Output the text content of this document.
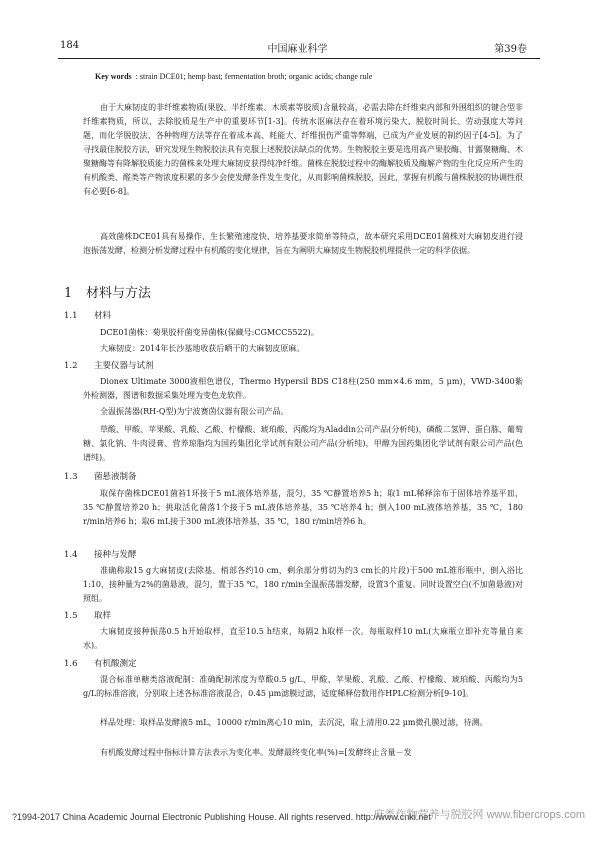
184	中国麻业科学	第39卷
Key words : strain DCE01; hemp bast; fermentation broth; organic acids; change rule
由于大麻韧皮的非纤维素物质(果胶、半纤维素、木质素等胶质)含量较高，必需去除在纤维束内部和外围组织的键合型非纤维素物质，所以，去除胶质是生产中的重要环节[1-3]。传统水沤麻法存在着环境污染大、脱胶时间长、劳动强度大等问题，而化学脱胶法、各种物理方法等存在着成本高、耗能大、纤维损伤严重等弊端，已成为产业发展的制约因子[4-5]。为了寻找最佳脱胶方法，研究发现生物脱胶法具有克服上述脱胶法缺点的优势。生物脱胶主要是选用高产果胶酶、甘露聚糖酶、木聚糖酶等有降解胶质能力的菌株来处理大麻韧皮获得纯净纤维。菌株在脱胶过程中的酶解胶质及酶解产物的生化反应所产生的有机酸类、醛类等产物浓度积累的多少会使发酵条件发生变化，从而影响菌株脱胶，因此，掌握有机酸与菌株脱胶的协调性很有必要[6-8]。
高效菌株DCE01具有易操作、生长繁殖速度快、培养基要求简单等特点，故本研究采用DCE01菌株对大麻韧皮进行浸泡振荡发酵，检测分析发酵过程中有机酸的变化规律，旨在为阐明大麻韧皮生物脱胶机理提供一定的科学依据。
1 材料与方法
1.1 材料
DCE01菌株：菊果胶杆菌变异菌株(保藏号:CGMCC5522)。
大麻韧皮：2014年长沙基地收获后晒干的大麻韧皮原麻。
1.2 主要仪器与试剂
Dionex Ultimate 3000液相色谱仪，Thermo Hypersil BDS C18柱(250 mm×4.6 mm，5 μm)，VWD-3400紫外检测器，图谱和数据采集处理为变色龙软件。
全温振荡器(RH-Q型)为宁波赛茵仪器有限公司产品。
草酸、甲酸、苹果酸、乳酸、乙酸、柠檬酸、琥珀酸、丙酸均为Aladdin公司产品(分析纯)，磷酸二氢钾、蛋白胨、葡萄糖、氯化钠、牛肉浸膏、营养琼脂均为国药集团化学试剂有限公司产品(分析纯)，甲醇为国药集团化学试剂有限公司产品(色谱纯)。
1.3 菌悬液制备
取保存菌株DCE01菌苔1环接于5 mL液体培养基，混匀，35 ℃静置培养5 h；取1 mL稀释涂布于固体培养基平皿，35 ℃静置培养20 h；挑取活化菌落1个接于5 mL液体培养基，35 ℃培养4 h；倒入100 mL液体培养基，35 ℃，180 r/min培养6 h；取6 mL接于300 mL液体培养基，35 ℃，180 r/min培养6 h。
1.4 接种与发酵
准确称取15 g大麻韧皮(去除基、梢部各约10 cm，剩余部分剪切为约3 cm长的片段)于500 mL锥形瓶中，倒入浴比1:10，接种量为2%的菌悬液，混匀，置于35 ℃，180 r/min全温振荡器发酵，设置3个重复。同时设置空白(不加菌悬液)对照组。
1.5 取样
大麻韧皮接种振荡0.5 h开始取样，直至10.5 h结束，每隔2 h取样一次。每瓶取样10 mL(大麻瓶立即补充等量自来水)。
1.6 有机酸测定
混合标准单糖类溶液配制：准确配制浓度为草酸0.5 g/L、甲酸、苹果酸、乳酸、乙酸、柠檬酸、琥珀酸、丙酸均为5 g/L的标准溶液，分别取上述各标准溶液混合，0.45 μm滤膜过滤，适度稀释倍数用作HPLC检测分析[9-10]。
样品处理：取样品发酵液5 mL，10000 r/min离心10 min，去沉淀，取上清用0.22 μm微孔膜过滤，待测。
有机酸发酵过程中指标计算方法表示为变化率。发酵最终变化率(%)=[发酵终止含量－发
?1994-2017 China Academic Journal Electronic Publishing House. All rights reserved. http://www.cnki.net
麻类作物营养与脱胶网 www.fibercrops.com
